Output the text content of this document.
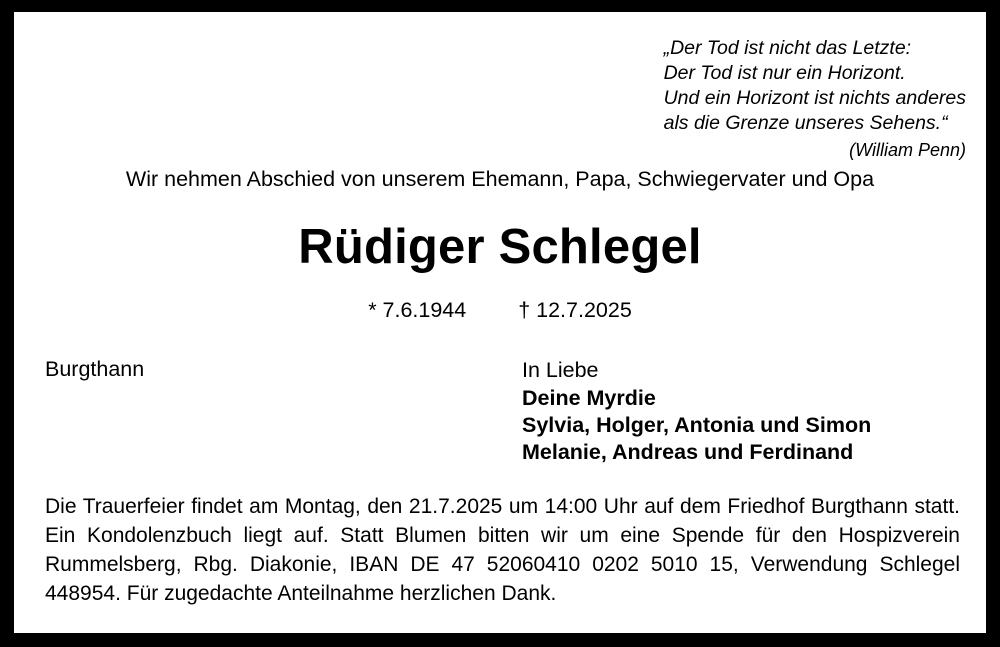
„Der Tod ist nicht das Letzte:
Der Tod ist nur ein Horizont.
Und ein Horizont ist nichts anderes
als die Grenze unseres Sehens.“
(William Penn)
Wir nehmen Abschied von unserem Ehemann, Papa, Schwiegervater und Opa
Rüdiger Schlegel
* 7.6.1944 † 12.7.2025
Burgthann	In Liebe
Deine Myrdie
Sylvia, Holger, Antonia und Simon
Melanie, Andreas und Ferdinand

Die Trauerfeier findet am Montag, den 21.7.2025 um 14:00 Uhr auf dem Friedhof Burgthann statt. Ein Kondolenzbuch liegt auf. Statt Blumen bitten wir um eine Spende für den Hospizverein Rummelsberg, Rbg. Diakonie, IBAN DE 47 52060410 0202 5010 15, Verwendung Schlegel 448954. Für zugedachte Anteilnahme herzlichen Dank.
